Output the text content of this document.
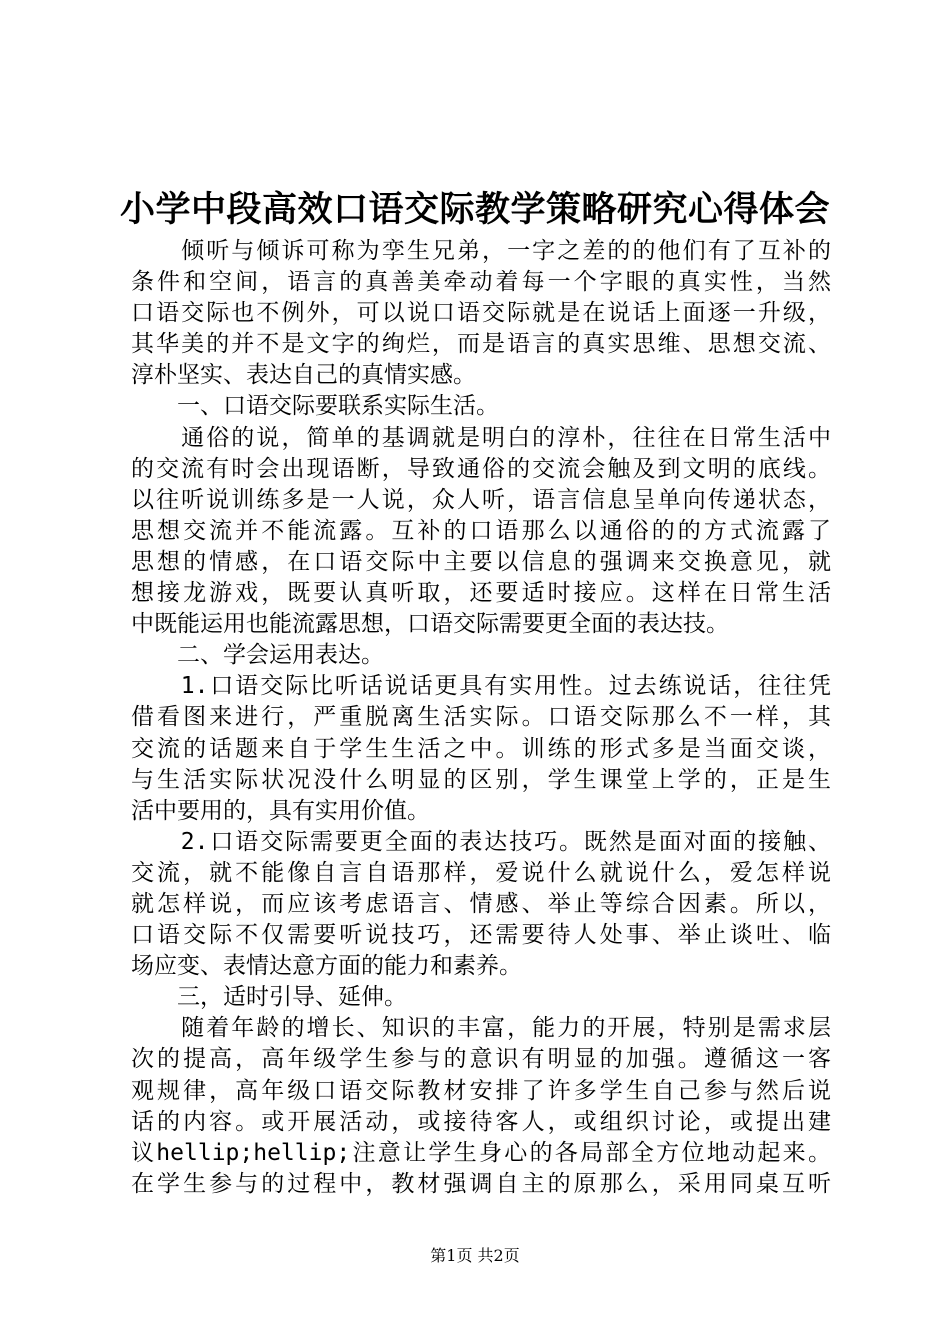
小学中段高效口语交际教学策略研究心得体会
　　倾听与倾诉可称为孪生兄弟，一字之差的的他们有了互补的
条件和空间，语言的真善美牵动着每一个字眼的真实性，当然
口语交际也不例外，可以说口语交际就是在说话上面逐一升级，
其华美的并不是文字的绚烂，而是语言的真实思维、思想交流、
淳朴坚实、表达自己的真情实感。
　　一、口语交际要联系实际生活。
　　通俗的说，简单的基调就是明白的淳朴，往往在日常生活中
的交流有时会出现语断，导致通俗的交流会触及到文明的底线。
以往听说训练多是一人说，众人听，语言信息呈单向传递状态，
思想交流并不能流露。互补的口语那么以通俗的的方式流露了
思想的情感，在口语交际中主要以信息的强调来交换意见，就
想接龙游戏，既要认真听取，还要适时接应。这样在日常生活
中既能运用也能流露思想，口语交际需要更全面的表达技。
　　二、学会运用表达。
　　1.口语交际比听话说话更具有实用性。过去练说话，往往凭
借看图来进行，严重脱离生活实际。口语交际那么不一样，其
交流的话题来自于学生生活之中。训练的形式多是当面交谈，
与生活实际状况没什么明显的区别，学生课堂上学的，正是生
活中要用的，具有实用价值。
　　2.口语交际需要更全面的表达技巧。既然是面对面的接触、
交流，就不能像自言自语那样，爱说什么就说什么，爱怎样说
就怎样说，而应该考虑语言、情感、举止等综合因素。所以，
口语交际不仅需要听说技巧，还需要待人处事、举止谈吐、临
场应变、表情达意方面的能力和素养。
　　三，适时引导、延伸。
　　随着年龄的增长、知识的丰富，能力的开展，特别是需求层
次的提高，高年级学生参与的意识有明显的加强。遵循这一客
观规律，高年级口语交际教材安排了许多学生自己参与然后说
话的内容。或开展活动，或接待客人，或组织讨论，或提出建
议hellip;hellip;注意让学生身心的各局部全方位地动起来。
在学生参与的过程中，教材强调自主的原那么，采用同桌互听
第1页 共2页
